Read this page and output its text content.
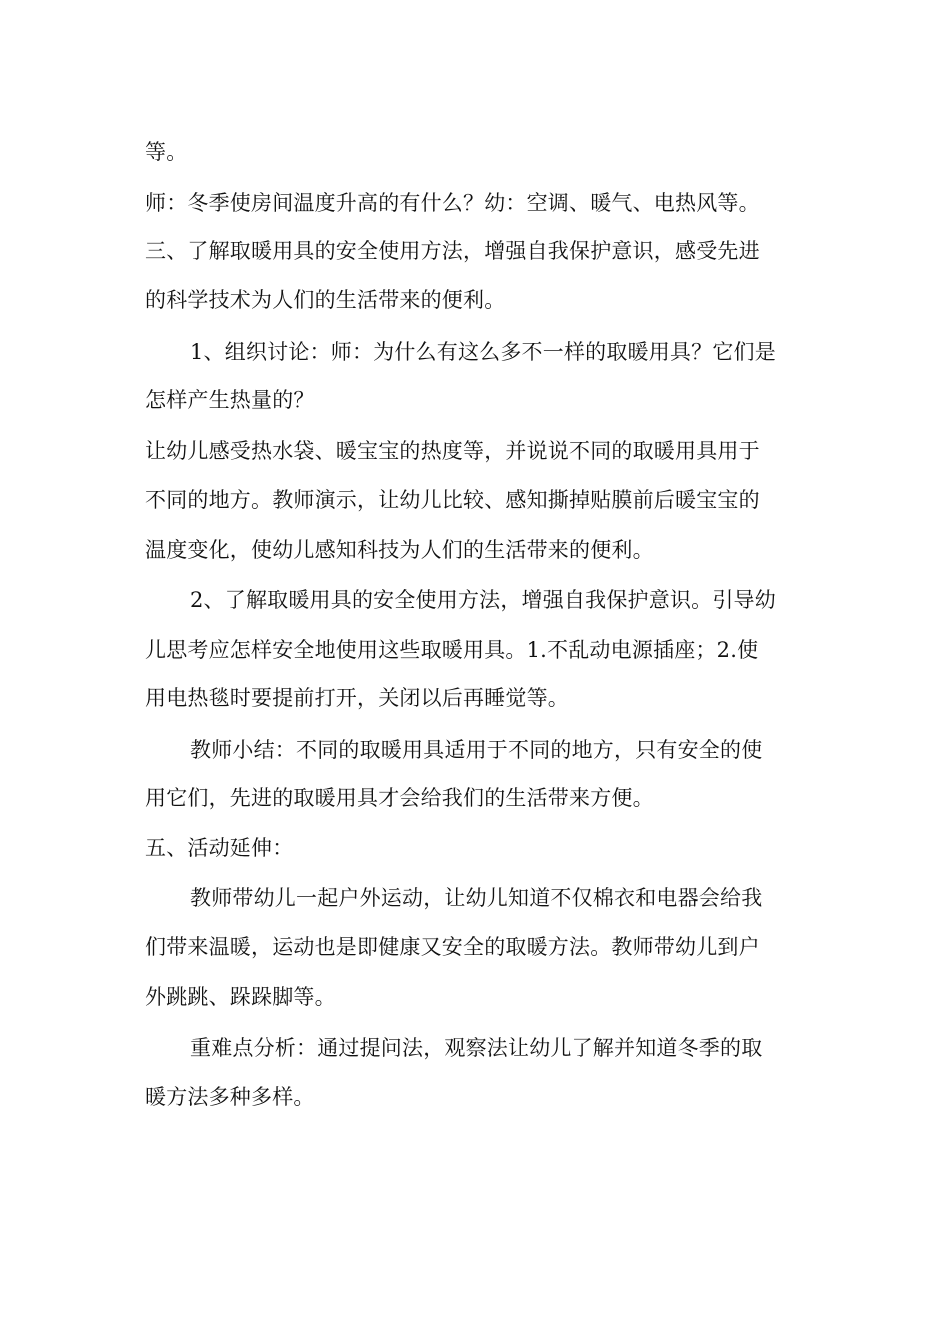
等。
师：冬季使房间温度升高的有什么？幼：空调、暖气、电热风等。
三、了解取暖用具的安全使用方法，增强自我保护意识，感受先进
的科学技术为人们的生活带来的便利。
1、组织讨论：师：为什么有这么多不一样的取暖用具？它们是
怎样产生热量的？
让幼儿感受热水袋、暖宝宝的热度等，并说说不同的取暖用具用于
不同的地方。教师演示，让幼儿比较、感知撕掉贴膜前后暖宝宝的
温度变化，使幼儿感知科技为人们的生活带来的便利。
2、了解取暖用具的安全使用方法，增强自我保护意识。引导幼
儿思考应怎样安全地使用这些取暖用具。1.不乱动电源插座；2.使
用电热毯时要提前打开，关闭以后再睡觉等。
教师小结：不同的取暖用具适用于不同的地方，只有安全的使
用它们，先进的取暖用具才会给我们的生活带来方便。
五、活动延伸：
教师带幼儿一起户外运动，让幼儿知道不仅棉衣和电器会给我
们带来温暖，运动也是即健康又安全的取暖方法。教师带幼儿到户
外跳跳、跺跺脚等。
重难点分析：通过提问法，观察法让幼儿了解并知道冬季的取
暖方法多种多样。
